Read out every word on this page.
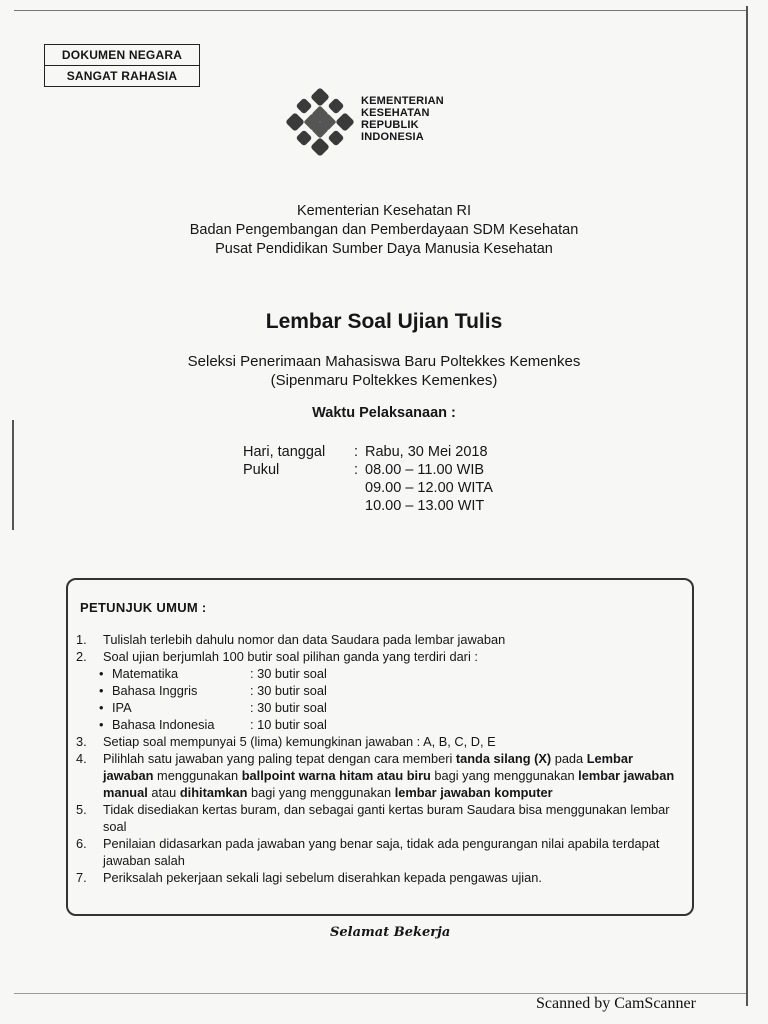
DOKUMEN NEGARA
SANGAT RAHASIA
KEMENTERIAN
KESEHATAN
REPUBLIK
INDONESIA
Kementerian Kesehatan RI
Badan Pengembangan dan Pemberdayaan SDM Kesehatan
Pusat Pendidikan Sumber Daya Manusia Kesehatan
Lembar Soal Ujian Tulis
Seleksi Penerimaan Mahasiswa Baru Poltekkes Kemenkes
(Sipenmaru Poltekkes Kemenkes)
Waktu Pelaksanaan :
Hari, tanggal	: Rabu, 30 Mei 2018
Pukul	: 08.00 – 11.00 WIB
09.00 – 12.00 WITA
10.00 – 13.00 WIT
PETUNJUK UMUM :
1.	Tulislah terlebih dahulu nomor dan data Saudara pada lembar jawaban
2.	Soal ujian berjumlah 100 butir soal pilihan ganda yang terdiri dari :
• Matematika	: 30 butir soal
• Bahasa Inggris	: 30 butir soal
• IPA	: 30 butir soal
• Bahasa Indonesia	: 10 butir soal
3.	Setiap soal mempunyai 5 (lima) kemungkinan jawaban : A, B, C, D, E
4.	Pilihlah satu jawaban yang paling tepat dengan cara memberi tanda silang (X) pada Lembar jawaban menggunakan ballpoint warna hitam atau biru bagi yang menggunakan lembar jawaban manual atau dihitamkan bagi yang menggunakan lembar jawaban komputer
5.	Tidak disediakan kertas buram, dan sebagai ganti kertas buram Saudara bisa menggunakan lembar soal
6.	Penilaian didasarkan pada jawaban yang benar saja, tidak ada pengurangan nilai apabila terdapat jawaban salah
7.	Periksalah pekerjaan sekali lagi sebelum diserahkan kepada pengawas ujian.
Selamat Bekerja
Scanned by CamScanner
